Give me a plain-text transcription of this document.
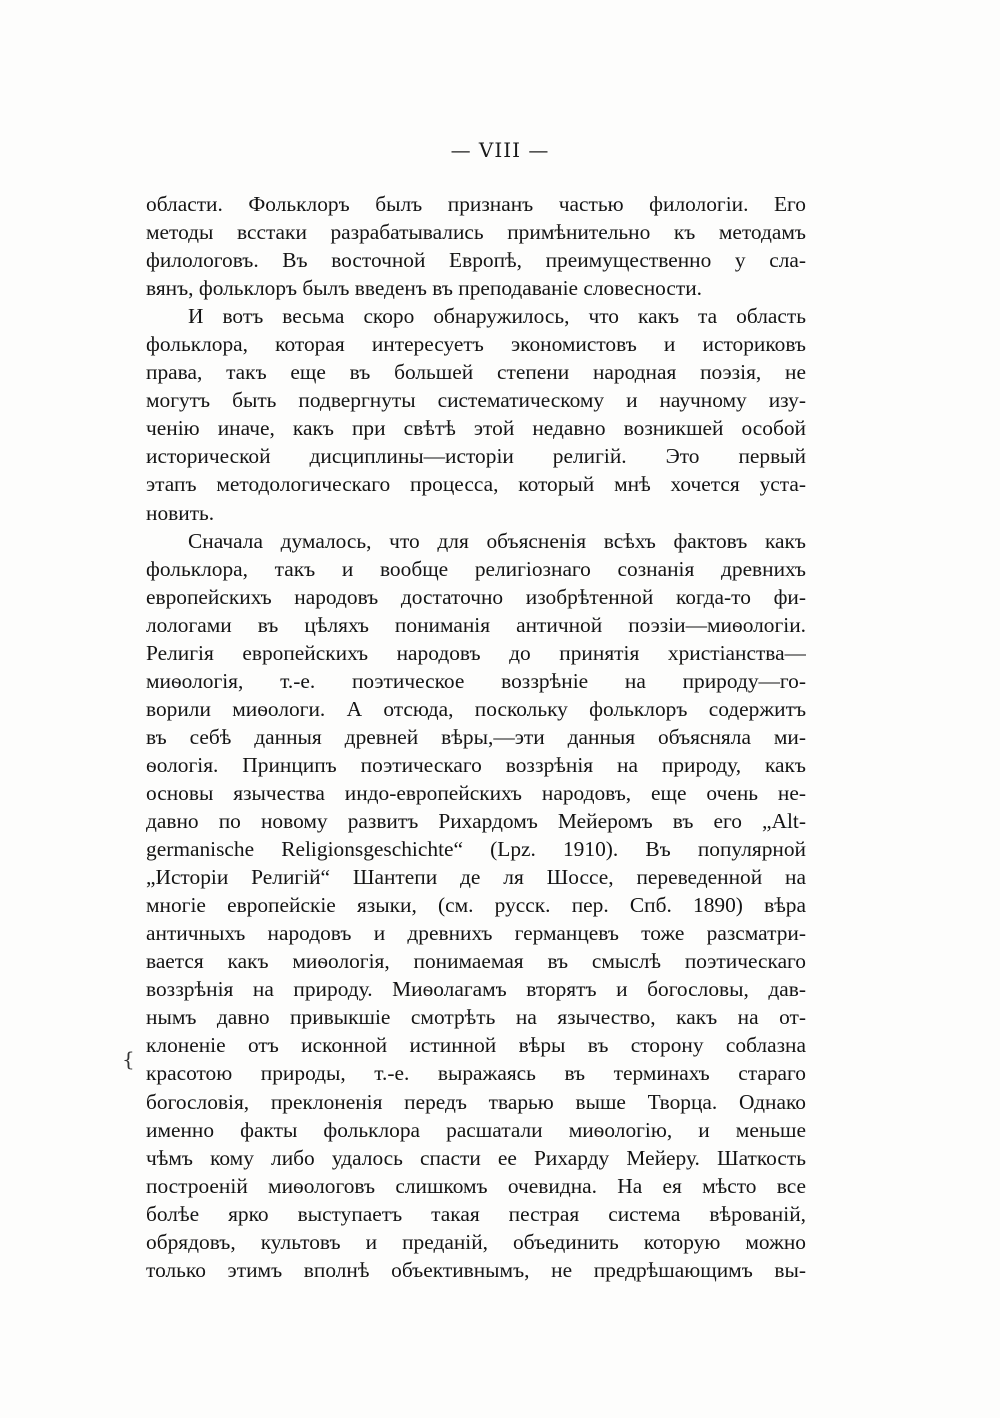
— VIII —
{
области. Фольклоръ былъ признанъ частью филологіи. Его
методы всстаки разрабатывались примѣнительно къ методамъ
филологовъ. Въ восточной Европѣ, преимущественно у сла-
вянъ, фольклоръ былъ введенъ въ преподаваніе словесности.
И вотъ весьма скоро обнаружилось, что какъ та область
фольклора, которая интересуетъ экономистовъ и историковъ
права, такъ еще въ большей степени народная поэзія, не
могутъ быть подвергнуты систематическому и научному изу-
ченію иначе, какъ при свѣтѣ этой недавно возникшей особой
исторической дисциплины—исторіи религій. Это первый
этапъ методологическаго процесса, который мнѣ хочется уста-
новить.
Сначала думалось, что для объясненія всѣхъ фактовъ какъ
фольклора, такъ и вообще религіознаго сознанія древнихъ
европейскихъ народовъ достаточно изобрѣтенной когда-то фи-
лологами въ цѣляхъ пониманія античной поэзіи—миѳологіи.
Религія европейскихъ народовъ до принятія христіанства—
миѳологія, т.-е. поэтическое воззрѣніе на природу—го-
ворили миѳологи. А отсюда, поскольку фольклоръ содержитъ
въ себѣ данныя древней вѣры,—эти данныя объясняла ми-
ѳологія. Принципъ поэтическаго воззрѣнія на природу, какъ
основы язычества индо-европейскихъ народовъ, еще очень не-
давно по новому развитъ Рихардомъ Мейеромъ въ его „Alt-
germanische Religionsgeschichte“ (Lpz. 1910). Въ популярной
„Исторіи Религій“ Шантепи де ля Шоссе, переведенной на
многіе европейскіе языки, (см. русск. пер. Спб. 1890) вѣра
античныхъ народовъ и древнихъ германцевъ тоже разсматри-
вается какъ миѳологія, понимаемая въ смыслѣ поэтическаго
воззрѣнія на природу. Миѳолагамъ вторятъ и богословы, дав-
нымъ давно привыкшіе смотрѣть на язычество, какъ на от-
клоненіе отъ исконной истинной вѣры въ сторону соблазна
красотою природы, т.-е. выражаясь въ терминахъ стараго
богословія, преклоненія передъ тварью выше Творца. Однако
именно факты фольклора расшатали миѳологію, и меньше
чѣмъ кому либо удалось спасти ее Рихарду Мейеру. Шаткость
построеній миѳологовъ слишкомъ очевидна. На ея мѣсто все
болѣе ярко выступаетъ такая пестрая система вѣрованій,
обрядовъ, культовъ и преданій, объединить которую можно
только этимъ вполнѣ объективнымъ, не предрѣшающимъ вы-
